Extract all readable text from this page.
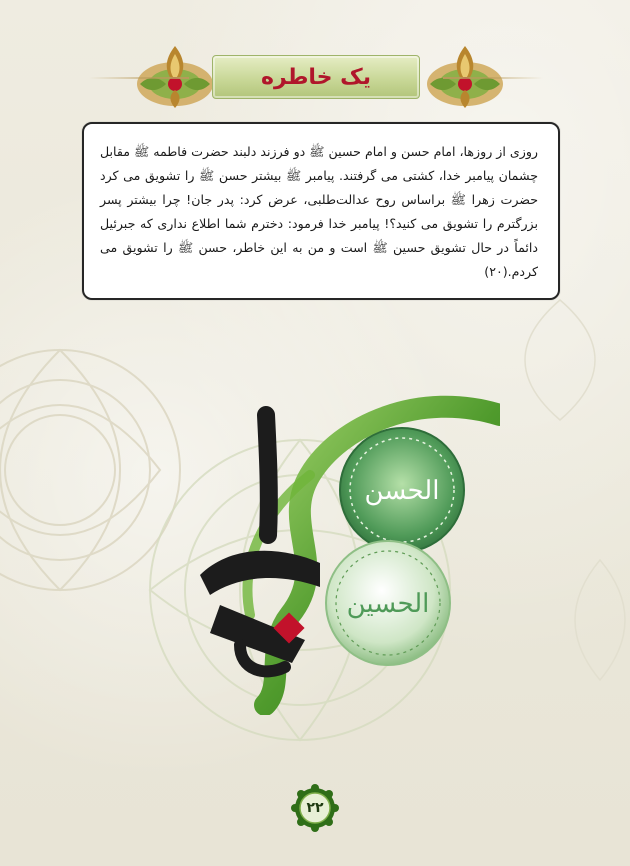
یک خاطره

روزی از روزها، امام حسن و امام حسین ﷺ دو فرزند دلبند حضرت فاطمه ﷺ مقابل چشمان پیامبر خدا، کشتی می گرفتند. پیامبر ﷺ بیشتر حسن ﷺ را تشویق می کرد حضرت زهرا ﷺ براساس روح عدالت‌طلبی، عرض کرد: پدر جان! چرا بیشتر پسر بزرگترم را تشویق می کنید؟! پیامبر خدا فرمود: دخترم شما اطلاع نداری که جبرئیل دائماً در حال تشویق حسین ﷺ است و من به این خاطر، حسن ﷺ را تشویق می کردم.(۲۰)

الحسن
الحسین
۲۲
